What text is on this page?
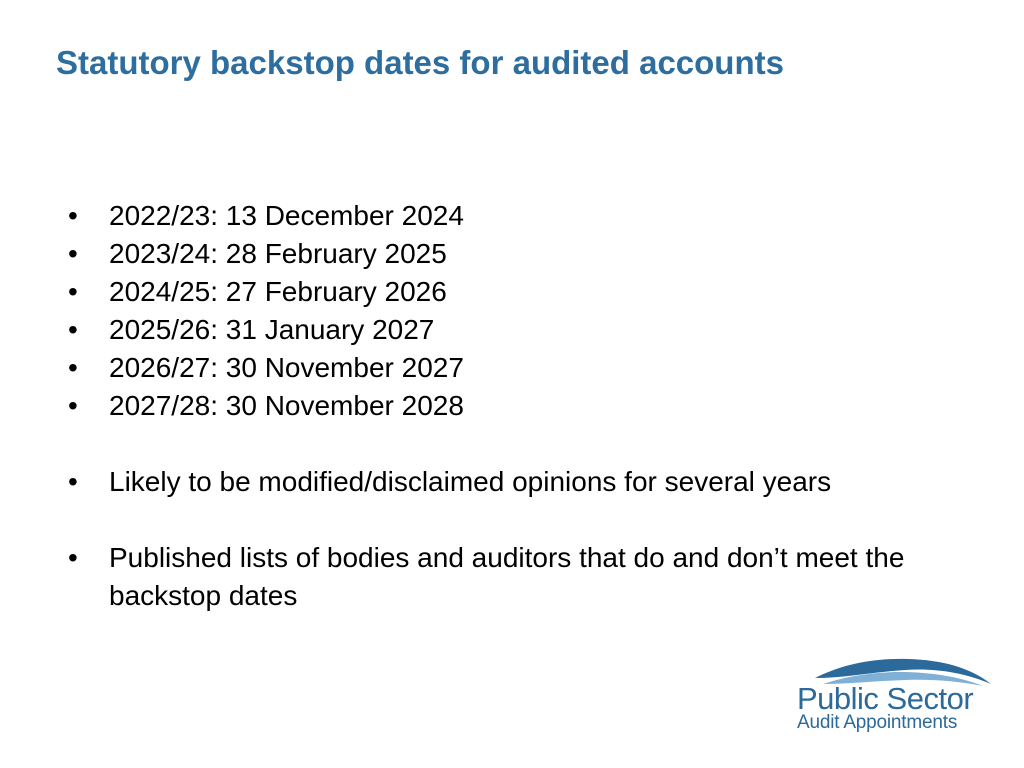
Statutory backstop dates for audited accounts
•	2022/23: 13 December 2024
•	2023/24: 28 February 2025
•	2024/25: 27 February 2026
•	2025/26: 31 January 2027
•	2026/27: 30 November 2027
•	2027/28: 30 November 2028
•	Likely to be modified/disclaimed opinions for several years
•	Published lists of bodies and auditors that do and don’t meet the backstop dates
Public Sector
Audit Appointments
